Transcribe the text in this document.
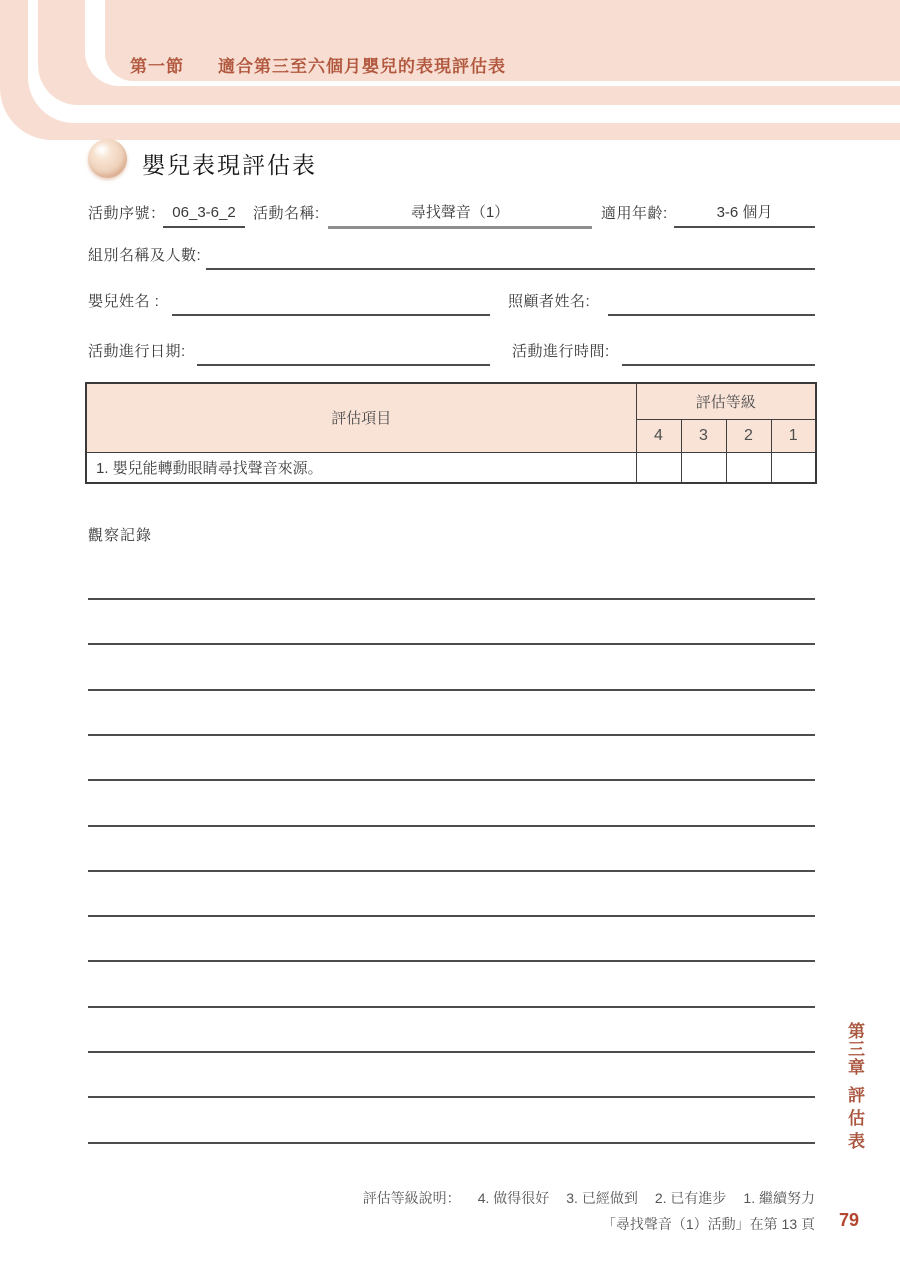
第一節 適合第三至六個月嬰兒的表現評估表
嬰兒表現評估表
活動序號： 06_3-6_2	活動名稱:	尋找聲音（1）	適用年齡:	3-6 個月
組別名稱及人數:
嬰兒姓名 :	照顧者姓名:
活動進行日期:	活動進行時間:
評估項目	評估等級			
	4	3	2	1
1. 嬰兒能轉動眼睛尋找聲音來源。				
觀察記錄
第三章
評估表
評估等級說明： 4. 做得很好 3. 已經做到 2. 已有進步 1. 繼續努力
「尋找聲音（1）活動」在第 13 頁 79
